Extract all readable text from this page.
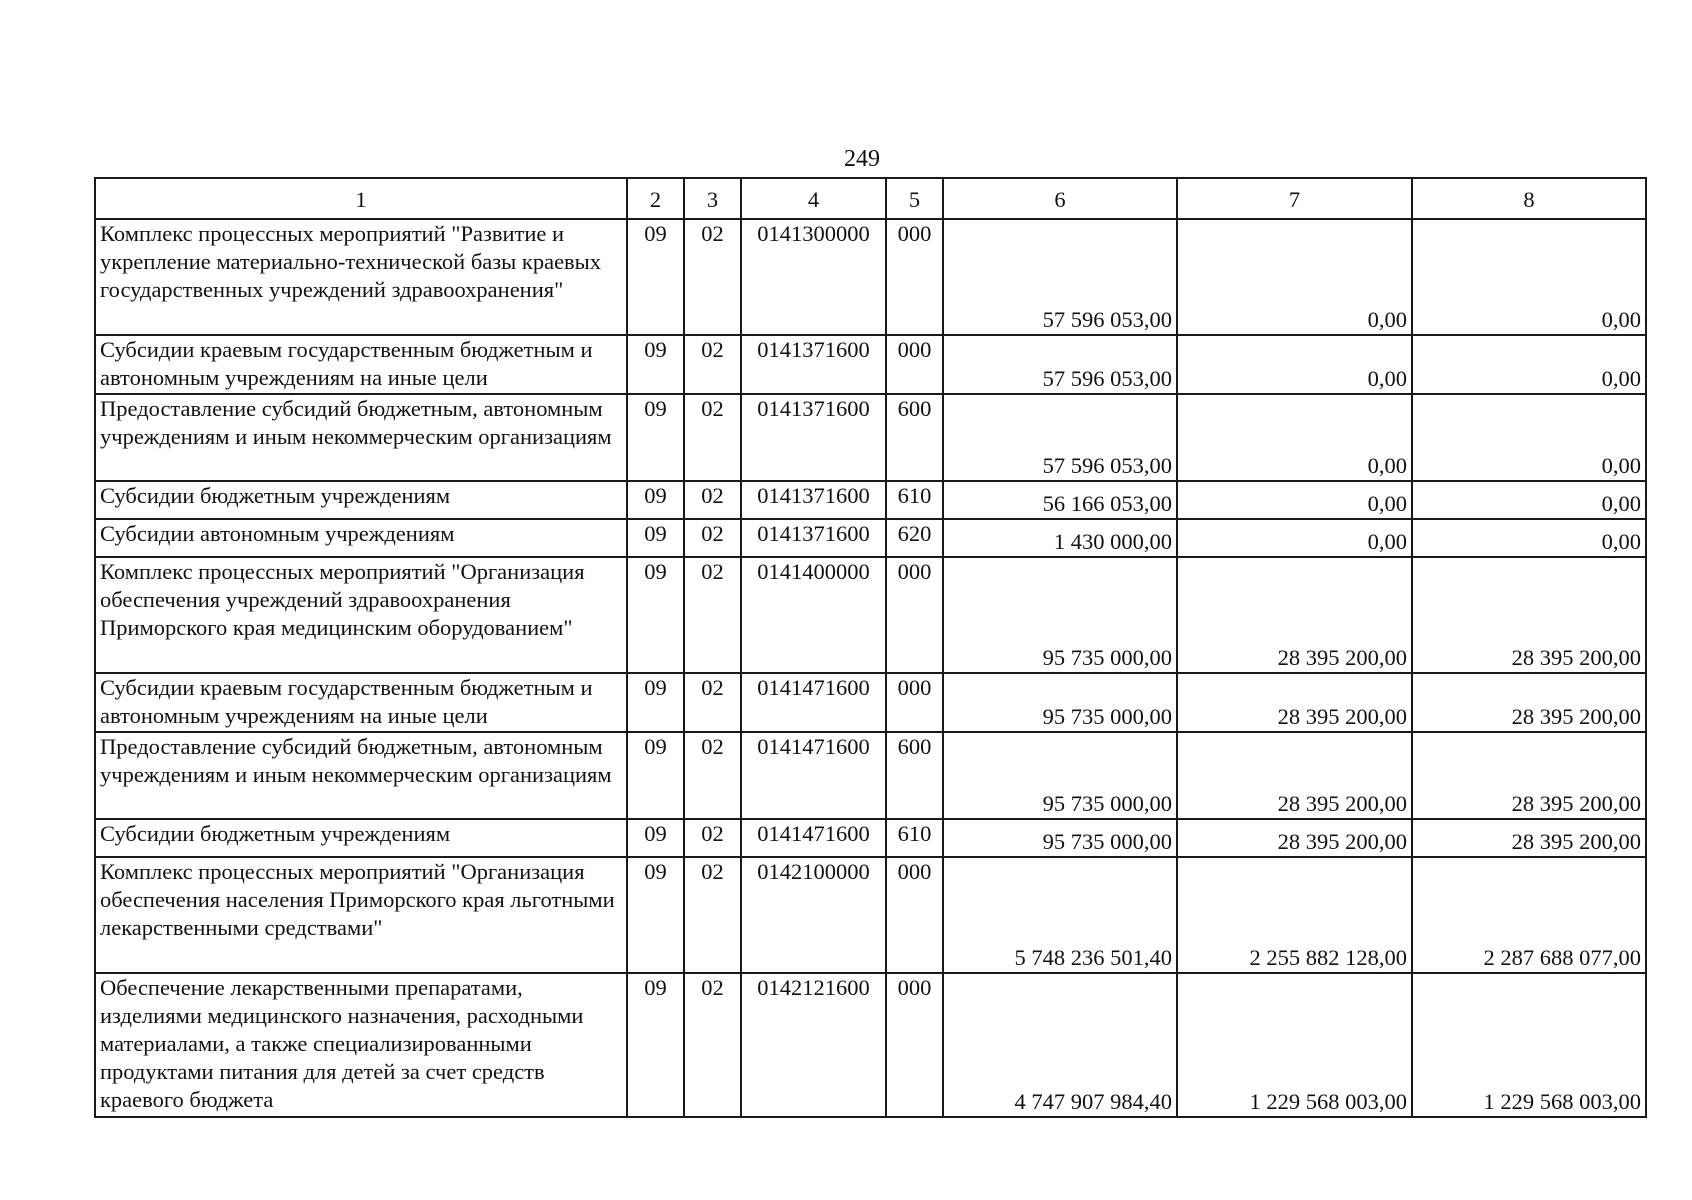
249
1	2	3	4	5	6	7	8
Комплекс процессных мероприятий "Развитие и укрепление материально-технической базы краевых государственных учреждений здравоохранения"	09	02	0141300000	000	57 596 053,00	0,00	0,00
Субсидии краевым государственным бюджетным и автономным учреждениям на иные цели	09	02	0141371600	000	57 596 053,00	0,00	0,00
Предоставление субсидий бюджетным, автономным учреждениям и иным некоммерческим организациям	09	02	0141371600	600	57 596 053,00	0,00	0,00
Субсидии бюджетным учреждениям	09	02	0141371600	610	56 166 053,00	0,00	0,00
Субсидии автономным учреждениям	09	02	0141371600	620	1 430 000,00	0,00	0,00
Комплекс процессных мероприятий "Организация обеспечения учреждений здравоохранения Приморского края медицинским оборудованием"	09	02	0141400000	000	95 735 000,00	28 395 200,00	28 395 200,00
Субсидии краевым государственным бюджетным и автономным учреждениям на иные цели	09	02	0141471600	000	95 735 000,00	28 395 200,00	28 395 200,00
Предоставление субсидий бюджетным, автономным учреждениям и иным некоммерческим организациям	09	02	0141471600	600	95 735 000,00	28 395 200,00	28 395 200,00
Субсидии бюджетным учреждениям	09	02	0141471600	610	95 735 000,00	28 395 200,00	28 395 200,00
Комплекс процессных мероприятий "Организация обеспечения населения Приморского края льготными лекарственными средствами"	09	02	0142100000	000	5 748 236 501,40	2 255 882 128,00	2 287 688 077,00
Обеспечение лекарственными препаратами, изделиями медицинского назначения, расходными материалами, а также специализированными продуктами питания для детей за счет средств краевого бюджета	09	02	0142121600	000	4 747 907 984,40	1 229 568 003,00	1 229 568 003,00
